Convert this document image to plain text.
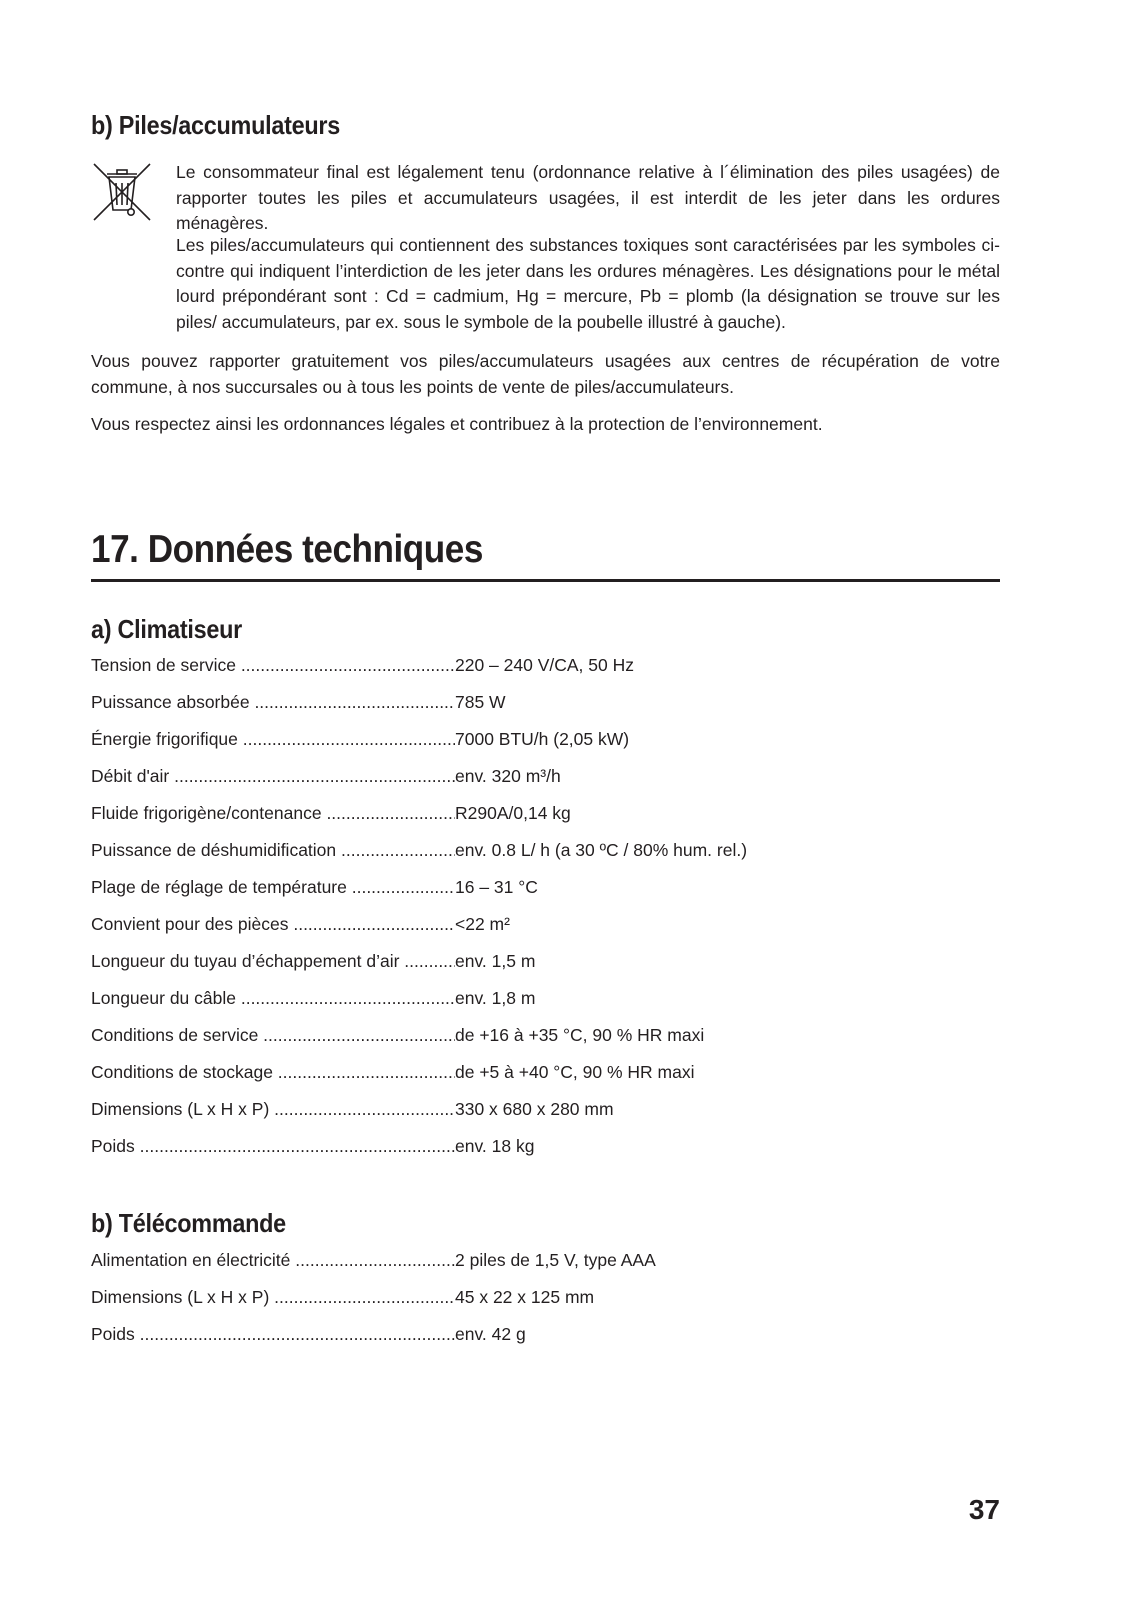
b) Piles/accumulateurs

Le consommateur final est légalement tenu (ordonnance relative à l´élimination des piles usagées) de rapporter toutes les piles et accumulateurs usagées, il est interdit de les jeter dans les ordures ménagères.

Les piles/accumulateurs qui contiennent des substances toxiques sont caractérisées par les symboles ci-contre qui indiquent l’interdiction de les jeter dans les ordures ménagères. Les désignations pour le métal lourd prépondérant sont : Cd = cadmium, Hg = mercure, Pb = plomb (la désignation se trouve sur les piles/ accumulateurs, par ex. sous le symbole de la poubelle illustré à gauche).

Vous pouvez rapporter gratuitement vos piles/accumulateurs usagées aux centres de récupération de votre commune, à nos succursales ou à tous les points de vente de piles/accumulateurs.

Vous respectez ainsi les ordonnances légales et contribuez à la protection de l’environnement.

17. Données techniques
a) Climatiseur
Tension de service .....	220 – 240 V/CA, 50 Hz
Puissance absorbée .....	785 W
Énergie frigorifique .....	7000 BTU/h (2,05 kW)
Débit d'air .....	env. 320 m³/h
Fluide frigorigène/contenance .....	R290A/0,14 kg
Puissance de déshumidification .....	env. 0.8 L/ h (a 30 ºC / 80% hum. rel.)
Plage de réglage de température .....	16 – 31 °C
Convient pour des pièces .....	<22 m²
Longueur du tuyau d’échappement d’air .....	env. 1,5 m
Longueur du câble .....	env. 1,8 m
Conditions de service .....	de +16 à +35 °C, 90 % HR maxi
Conditions de stockage .....	de +5 à +40 °C, 90 % HR maxi
Dimensions (L x H x P) .....	330 x 680 x 280 mm
Poids .....	env. 18 kg
b) Télécommande
Alimentation en électricité .....	2 piles de 1,5 V, type AAA
Dimensions (L x H x P) .....	45 x 22 x 125 mm
Poids .....	env. 42 g
37
